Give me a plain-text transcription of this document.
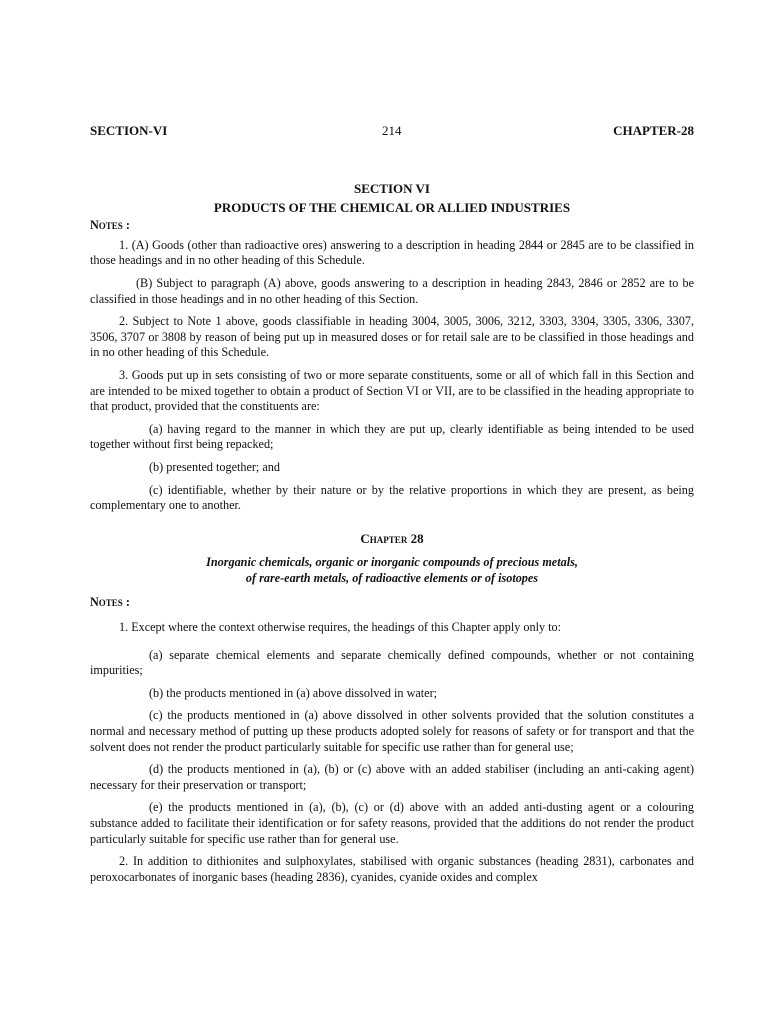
SECTION-VI	214	CHAPTER-28

SECTION VI

PRODUCTS OF THE CHEMICAL OR ALLIED INDUSTRIES

Notes :

1. (A) Goods (other than radioactive ores) answering to a description in heading 2844 or 2845 are to be classified in those headings and in no other heading of this Schedule.

(B) Subject to paragraph (A) above, goods answering to a description in heading 2843, 2846 or 2852 are to be classified in those headings and in no other heading of this Section.

2. Subject to Note 1 above, goods classifiable in heading 3004, 3005, 3006, 3212, 3303, 3304, 3305, 3306, 3307, 3506, 3707 or 3808 by reason of being put up in measured doses or for retail sale are to be classified in those headings and in no other heading of this Schedule.

3. Goods put up in sets consisting of two or more separate constituents, some or all of which fall in this Section and are intended to be mixed together to obtain a product of Section VI or VII, are to be classified in the heading appropriate to that product, provided that the constituents are:

(a) having regard to the manner in which they are put up, clearly identifiable as being intended to be used together without first being repacked;

(b) presented together; and

(c) identifiable, whether by their nature or by the relative proportions in which they are present, as being complementary one to another.

Chapter 28

Inorganic chemicals, organic or inorganic compounds of precious metals,

of rare-earth metals, of radioactive elements or of isotopes

Notes :

1. Except where the context otherwise requires, the headings of this Chapter apply only to:

(a) separate chemical elements and separate chemically defined compounds, whether or not containing impurities;

(b) the products mentioned in (a) above dissolved in water;

(c) the products mentioned in (a) above dissolved in other solvents provided that the solution constitutes a normal and necessary method of putting up these products adopted solely for reasons of safety or for transport and that the solvent does not render the product particularly suitable for specific use rather than for general use;

(d) the products mentioned in (a), (b) or (c) above with an added stabiliser (including an anti-caking agent) necessary for their preservation or transport;

(e) the products mentioned in (a), (b), (c) or (d) above with an added anti-dusting agent or a colouring substance added to facilitate their identification or for safety reasons, provided that the additions do not render the product particularly suitable for specific use rather than for general use.

2. In addition to dithionites and sulphoxylates, stabilised with organic substances (heading 2831), carbonates and peroxocarbonates of inorganic bases (heading 2836), cyanides, cyanide oxides and complex
